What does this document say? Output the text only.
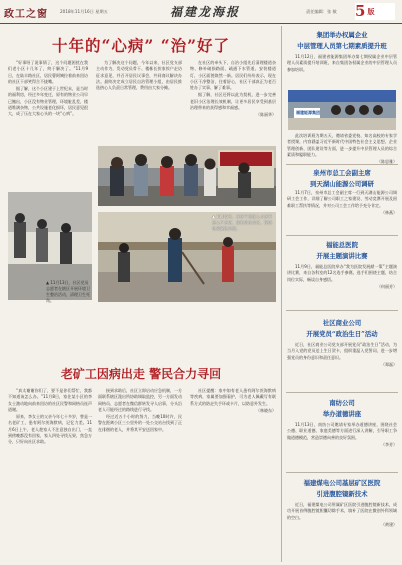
政工之窗	2018年11月16日 星期五	福建龙海报	责任编辑：张 敏 5 版
十年的“心病” “治”好了

“好事呀了说事情了，这个问题困扰在我们老小区十几年了，终于解决了。”11月9日，在陆丰路社区，居民曹阿姨拉着前来回访的社区干部笑得合不拢嘴。

据了解，这个小区建于上世纪末，是当时的福利房，经过多年变迁，原有的物业公司早已撤出，小区没有物业管理，环境脏乱差，楼道堆满杂物，公共设施老化损坏，居民意见很大，成了压在大家心头的一块“心病”。

为了解决这个问题，今年以来，社区党支部主动作为，发动党员骨干、楼栋长挨家挨户走访征求意见，并召开居民议事会，共同商议解决办法。最终决定成立居民自治管理小组，由居民推选热心人负责日常管理，费用由大家分摊。

在社区的牵头下，自治小组先后清理楼道杂物、修补破损路面、疏通下水管道、安装楼道灯，小区面貌焕然一新。居民们纷纷表示，现在小区干净整洁，住着舒心，社区干部真正为老百姓办了实事、解了难事。

据了解，社区还将以此为契机，进一步完善老旧小区治理长效机制，让更多居民享受到基层治理带来的获得感和幸福感。

（陈丽华）
▲ 11月13日，社区党员志愿者在辖区开展环境卫生整治活动，清理卫生死角。
▲ 11月5日，社区干部深入小区开展入户走访，倾听居民诉求，现场协调解决问题。
老矿工因病出走 警民合力寻回

“真太谢谢你们了，要不是你们帮忙，我都不知道该怎么办。”11月8日，家住某小区的李女士激动地向前来回访的社区民警和网格员连声道谢。

原来，李女士的父亲今年七十多岁，曾是一名老矿工，患有阿尔茨海默病，记忆力差。11月6日上午，老人趁家人不注意独自出门，一直到傍晚都没有回家，家人四处寻找无果，焦急万分，只好向社区求助。

接到求助后，社区立即启动应急机制，一方面联系辖区派出所协助调取监控，另一方面发动网格员、志愿者在微信群转发寻人启事，分头沿老人可能经过的路线进行寻找。

经过近五个小时的努力，当晚10时许，民警在距离小区三公里外的一处公交站台找到了正在徘徊的老人，并将其平安送回家中。

社区提醒：家中如有老人患有阿尔茨海默病等疾病，家属要加强看护，可为老人佩戴写有联系方式的防走失手环或卡片，以防意外发生。

（林晓东）
集团举办权属企业
中层管理人员第七期素质提升班

11月12日，福建省能源集团举办第七期权属企业中层管理人员素质提升培训班，来自集团各权属企业的中层管理人员参加培训。

福建能源集团

此次培训班为期五天，邀请省委党校、知名高校的专家学者授课，内容涵盖习近平新时代中国特色社会主义思想、企业管理创新、团队建设等方面，进一步提升中层管理人员的综合素质和履职能力。

（陈思雅）
泉州市总工会副主席
到天湖山能源公司调研

11月7日，泉州市总工会副主席一行到天湖山能源公司调研工会工作，详细了解公司职工之家建设、劳动竞赛开展及困难职工帮扶等情况，并对公司工会工作给予充分肯定。

（林燕）
福能总医院
开展主题演讲比赛

11月9日，福能总医院举办“我为医院发展献一策”主题演讲比赛，来自各科室的12名选手参赛。选手们围绕主题，结合岗位实际，畅谈自身感悟。

（何丽芳）
社区商业公司
开展党员“政治生日”活动

近日，社区商业公司党支部开展党员“政治生日”活动，为当月入党的党员送上生日贺卡，组织重温入党誓词，进一步增强党员的身份意识和责任意识。

（郑磊）
南纺公司
举办道德讲座

11月13日，南纺公司邀请专家举办道德讲座，围绕社会公德、职业道德、家庭美德等方面进行深入讲解，引导职工争做道德模范，营造崇德向善的良好氛围。

（李芳）
福建煤电公司基层矿区医院
引进腹腔镜新技术

近日，福建煤电公司所属矿区医院引进腹腔镜新技术，成功开展首例腹腔镜胆囊切除手术，填补了医院在微创外科领域的空白。

（黄建）
